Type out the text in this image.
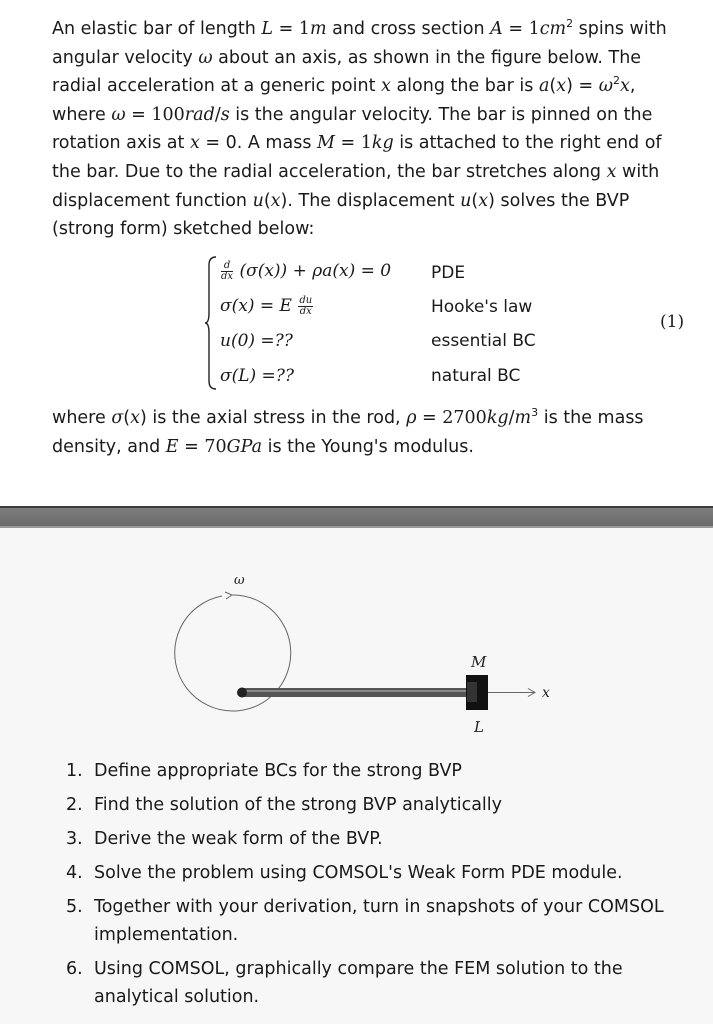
An elastic bar of length L = 1m and cross section $A = 1cm^2$ spins with angular velocity ω about an axis, as shown in the figure below. The radial acceleration at a generic point x along the bar is $a(x) = \omega^2x$, where ω = 100rad/s is the angular velocity. The bar is pinned on the rotation axis at x = 0. A mass M = 1kg is attached to the right end of the bar. Due to the radial acceleration, the bar stretches along x with displacement function u(x). The displacement u(x) solves the BVP (strong form) sketched below:

$\frac{d}{dx} (\sigma(x)) + \rho a(x) = 0$ PDE
σ(x) = E $\frac{du}{dx}$	Hooke's law
u(0) =??	essential BC
σ(L) =??	natural BC
(1)

where σ(x) is the axial stress in the rod, $\rho = 2700kg/m^3$ is the mass density, and E = 70GPa is the Young's modulus.

ω
M
x
L
1. Define appropriate BCs for the strong BVP
2. Find the solution of the strong BVP analytically
3. Derive the weak form of the BVP.
4. Solve the problem using COMSOL's Weak Form PDE module.
5. Together with your derivation, turn in snapshots of your COMSOL implementation.
6. Using COMSOL, graphically compare the FEM solution to the analytical solution.
